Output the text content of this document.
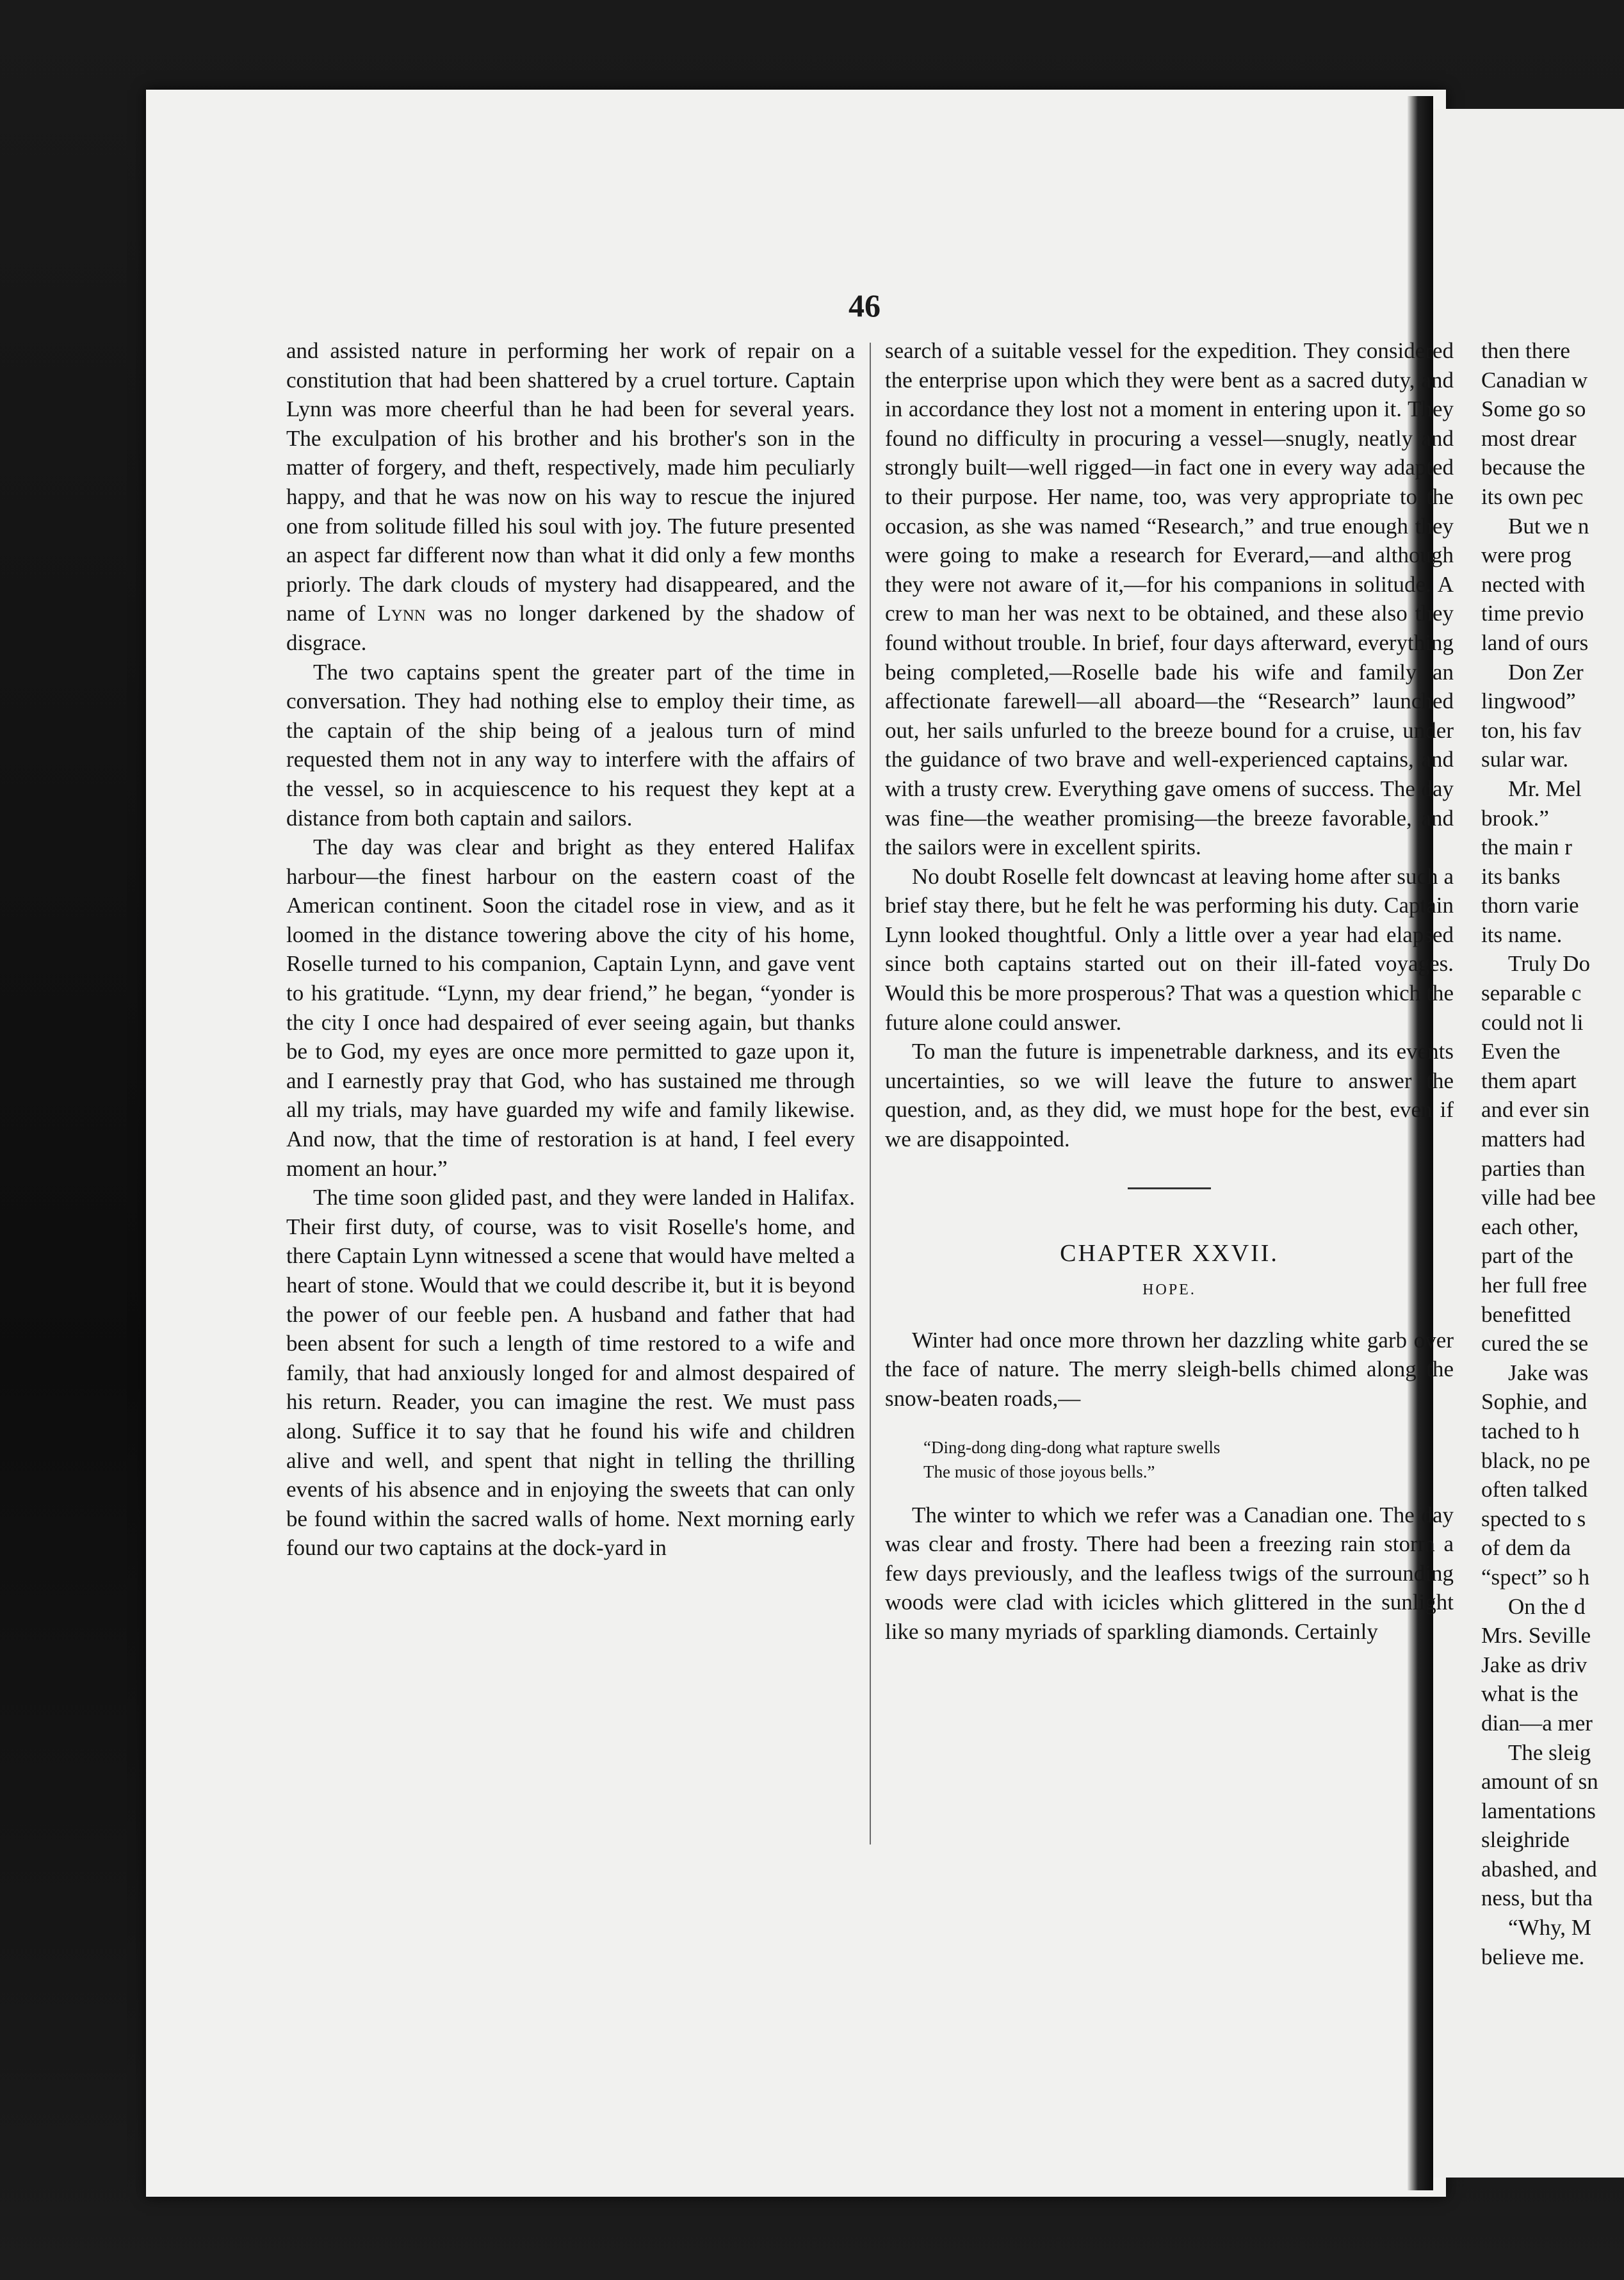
46

and assisted nature in performing her work of repair on a constitution that had been shattered by a cruel torture. Captain Lynn was more cheerful than he had been for several years. The exculpation of his brother and his brother's son in the matter of forgery, and theft, respectively, made him peculiarly happy, and that he was now on his way to rescue the injured one from solitude filled his soul with joy. The future presented an aspect far different now than what it did only a few months priorly. The dark clouds of mystery had disappeared, and the name of Lynn was no longer darkened by the shadow of disgrace.

The two captains spent the greater part of the time in conversation. They had nothing else to employ their time, as the captain of the ship being of a jealous turn of mind requested them not in any way to interfere with the affairs of the vessel, so in acquiescence to his request they kept at a distance from both captain and sailors.

The day was clear and bright as they entered Halifax harbour—the finest harbour on the eastern coast of the American continent. Soon the citadel rose in view, and as it loomed in the distance towering above the city of his home, Roselle turned to his companion, Captain Lynn, and gave vent to his gratitude. “Lynn, my dear friend,” he began, “yonder is the city I once had despaired of ever seeing again, but thanks be to God, my eyes are once more permitted to gaze upon it, and I earnestly pray that God, who has sustained me through all my trials, may have guarded my wife and family likewise. And now, that the time of restoration is at hand, I feel every moment an hour.”

The time soon glided past, and they were landed in Halifax. Their first duty, of course, was to visit Roselle's home, and there Captain Lynn witnessed a scene that would have melted a heart of stone. Would that we could describe it, but it is beyond the power of our feeble pen. A husband and father that had been absent for such a length of time restored to a wife and family, that had anxiously longed for and almost despaired of his return. Reader, you can imagine the rest. We must pass along. Suffice it to say that he found his wife and children alive and well, and spent that night in telling the thrilling events of his absence and in enjoying the sweets that can only be found within the sacred walls of home. Next morning early found our two captains at the dock-yard in

search of a suitable vessel for the expedition. They considered the enterprise upon which they were bent as a sacred duty, and in accordance they lost not a moment in entering upon it. They found no difficulty in procuring a vessel—snugly, neatly and strongly built—well rigged—in fact one in every way adapted to their purpose. Her name, too, was very appropriate to the occasion, as she was named “Research,” and true enough they were going to make a research for Everard,—and although they were not aware of it,—for his companions in solitude. A crew to man her was next to be obtained, and these also they found without trouble. In brief, four days afterward, everything being completed,—Roselle bade his wife and family an affectionate farewell—all aboard—the “Research” launched out, her sails unfurled to the breeze bound for a cruise, under the guidance of two brave and well-experienced captains, and with a trusty crew. Everything gave omens of success. The day was fine—the weather promising—the breeze favorable, and the sailors were in excellent spirits.

No doubt Roselle felt downcast at leaving home after such a brief stay there, but he felt he was performing his duty. Captain Lynn looked thoughtful. Only a little over a year had elapsed since both captains started out on their ill-fated voyages. Would this be more prosperous? That was a question which the future alone could answer.

To man the future is impenetrable darkness, and its events uncertainties, so we will leave the future to answer the question, and, as they did, we must hope for the best, even if we are disappointed.

CHAPTER XXVII.
HOPE.

Winter had once more thrown her dazzling white garb over the face of nature. The merry sleigh-bells chimed along the snow-beaten roads,—

“Ding-dong ding-dong what rapture swells
The music of those joyous bells.”

The winter to which we refer was a Canadian one. The day was clear and frosty. There had been a freezing rain storm a few days previously, and the leafless twigs of the surrounding woods were clad with icicles which glittered in the sunlight like so many myriads of sparkling diamonds. Certainly

then there
Canadian w
Some go so
most drear
because the
its own pec
But we n
were prog
nected with
time previo
land of ours
Don Zer
lingwood”
ton, his fav
sular war.
Mr. Mel
brook.”
the main r
its banks
thorn varie
its name.
Truly Do
separable c
could not li
Even the
them apart
and ever sin
matters had
parties than
ville had bee
each other,
part of the
her full free
benefitted
cured the se
Jake was
Sophie, and
tached to h
black, no pe
often talked
spected to s
of dem da
“spect” so h
On the d
Mrs. Seville
Jake as driv
what is the
dian—a mer
The sleig
amount of sn
lamentations
sleighride
abashed, and
ness, but tha
“Why, M
believe me.
